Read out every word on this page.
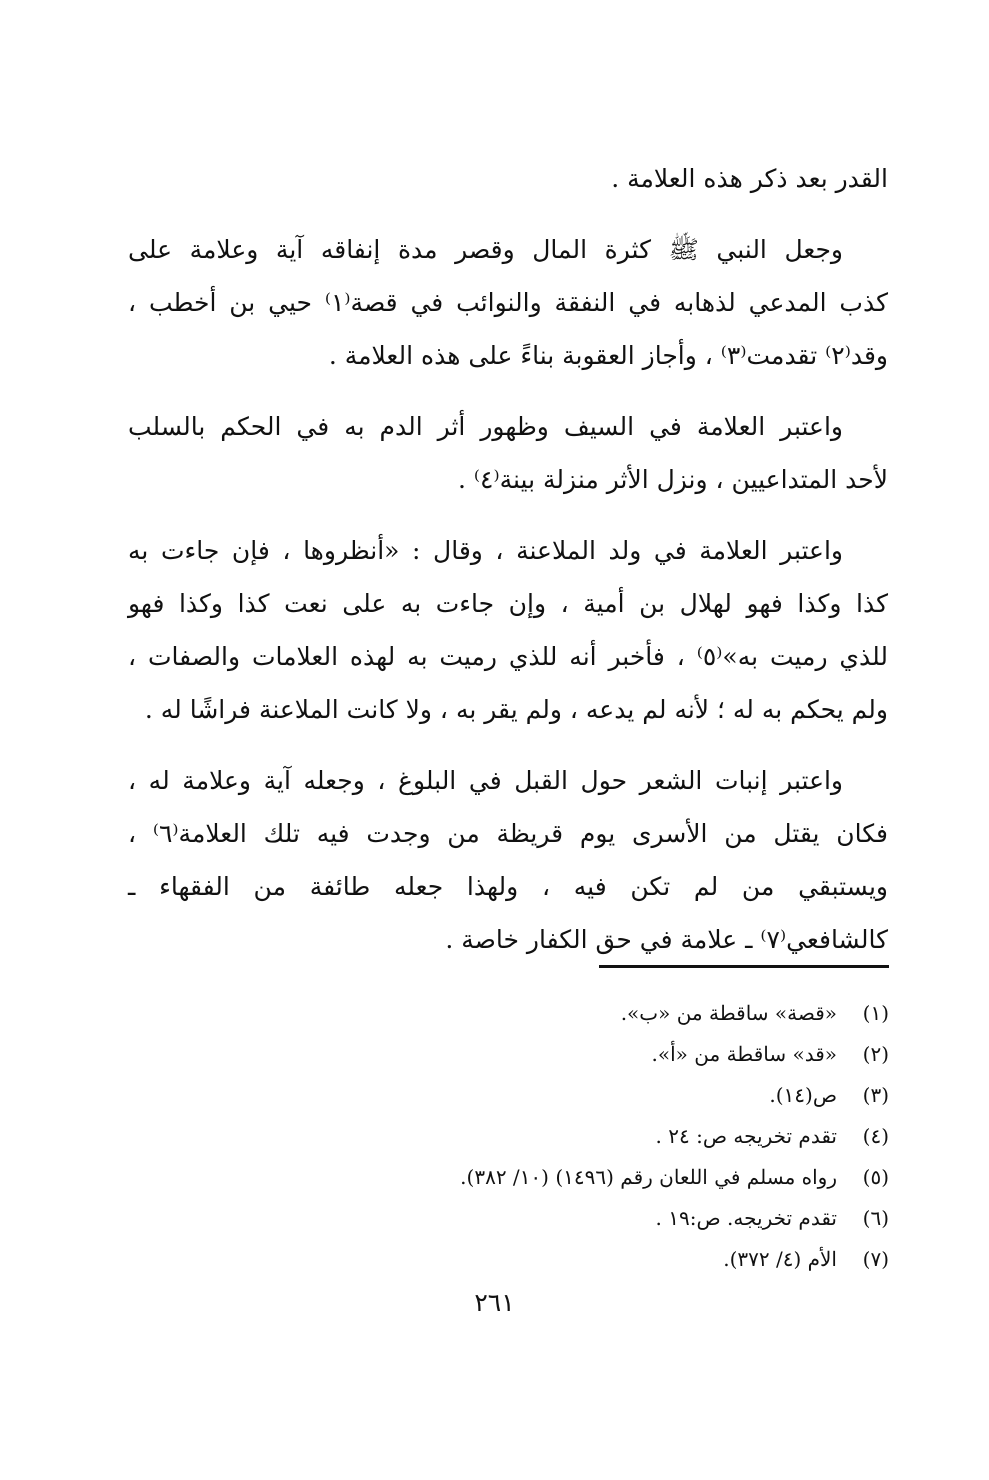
القدر بعد ذكر هذه العلامة .

وجعل النبي ﷺ كثرة المال وقصر مدة إنفاقه آية وعلامة على
كذب المدعي لذهابه في النفقة والنوائب في قصة⁽١⁾ حيي بن أخطب ،
وقد⁽٢⁾ تقدمت⁽٣⁾ ، وأجاز العقوبة بناءً على هذه العلامة .

واعتبر العلامة في السيف وظهور أثر الدم به في الحكم بالسلب
لأحد المتداعيين ، ونزل الأثر منزلة بينة⁽٤⁾ .

واعتبر العلامة في ولد الملاعنة ، وقال : «أنظروها ، فإن جاءت به
كذا وكذا فهو لهلال بن أمية ، وإن جاءت به على نعت كذا وكذا فهو
للذي رميت به»⁽٥⁾ ، فأخبر أنه للذي رميت به لهذه العلامات والصفات ،
ولم يحكم به له ؛ لأنه لم يدعه ، ولم يقر به ، ولا كانت الملاعنة فراشًا له .

واعتبر إنبات الشعر حول القبل في البلوغ ، وجعله آية وعلامة له ،
فكان يقتل من الأسرى يوم قريظة من وجدت فيه تلك العلامة⁽٦⁾ ،
ويستبقي من لم تكن فيه ، ولهذا جعله طائفة من الفقهاء ـ
كالشافعي⁽٧⁾ ـ علامة في حق الكفار خاصة .

(١)«قصة» ساقطة من «ب».
(٢)«قد» ساقطة من «أ».
(٣)ص(١٤).
(٤)تقدم تخريجه ص: ٢٤ .
(٥)رواه مسلم في اللعان رقم (١٤٩٦) (١٠/ ٣٨٢).
(٦)تقدم تخريجه. ص:١٩ .
(٧)الأم (٤/ ٣٧٢).
٢٦١
